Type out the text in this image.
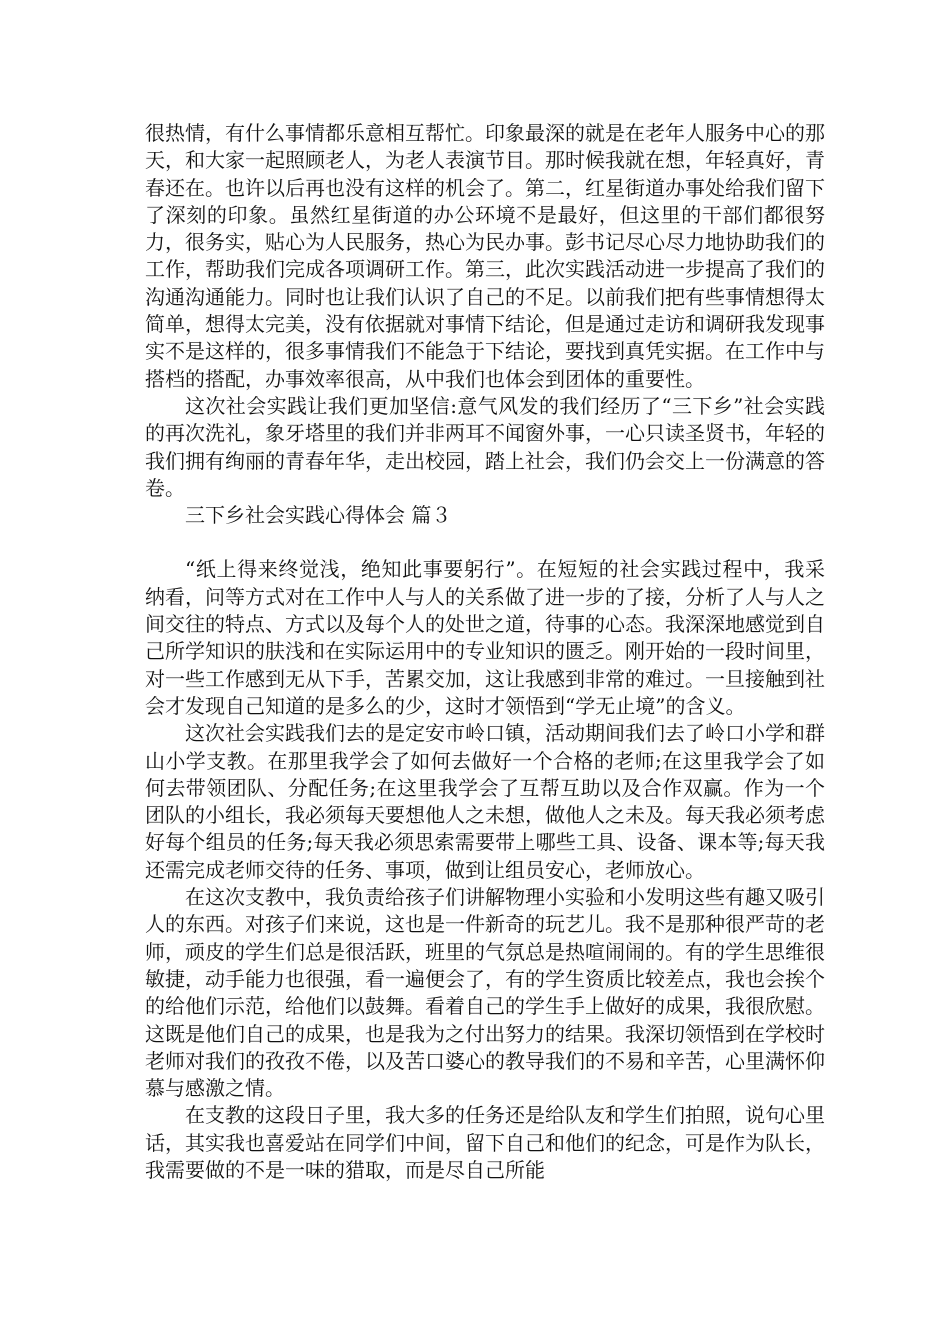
很热情，有什么事情都乐意相互帮忙。印象最深的就是在老年人服务中心的那天，和大家一起照顾老人，为老人表演节目。那时候我就在想，年轻真好，青春还在。也许以后再也没有这样的机会了。第二，红星街道办事处给我们留下了深刻的印象。虽然红星街道的办公环境不是最好，但这里的干部们都很努力，很务实，贴心为人民服务，热心为民办事。彭书记尽心尽力地协助我们的工作，帮助我们完成各项调研工作。第三，此次实践活动进一步提高了我们的沟通沟通能力。同时也让我们认识了自己的不足。以前我们把有些事情想得太简单，想得太完美，没有依据就对事情下结论，但是通过走访和调研我发现事实不是这样的，很多事情我们不能急于下结论，要找到真凭实据。在工作中与搭档的搭配，办事效率很高，从中我们也体会到团体的重要性。

这次社会实践让我们更加坚信:意气风发的我们经历了“三下乡”社会实践的再次洗礼，象牙塔里的我们并非两耳不闻窗外事，一心只读圣贤书，年轻的我们拥有绚丽的青春年华，走出校园，踏上社会，我们仍会交上一份满意的答卷。

三下乡社会实践心得体会 篇３

“纸上得来终觉浅，绝知此事要躬行”。在短短的社会实践过程中，我采纳看，问等方式对在工作中人与人的关系做了进一步的了接，分析了人与人之间交往的特点、方式以及每个人的处世之道，待事的心态。我深深地感觉到自己所学知识的肤浅和在实际运用中的专业知识的匮乏。刚开始的一段时间里，对一些工作感到无从下手，苦累交加，这让我感到非常的难过。一旦接触到社会才发现自己知道的是多么的少，这时才领悟到“学无止境”的含义。

这次社会实践我们去的是定安市岭口镇，活动期间我们去了岭口小学和群山小学支教。在那里我学会了如何去做好一个合格的老师;在这里我学会了如何去带领团队、分配任务;在这里我学会了互帮互助以及合作双赢。作为一个团队的小组长，我必须每天要想他人之未想，做他人之未及。每天我必须考虑好每个组员的任务;每天我必须思索需要带上哪些工具、设备、课本等;每天我还需完成老师交待的任务、事项，做到让组员安心，老师放心。

在这次支教中，我负责给孩子们讲解物理小实验和小发明这些有趣又吸引人的东西。对孩子们来说，这也是一件新奇的玩艺儿。我不是那种很严苛的老师，顽皮的学生们总是很活跃，班里的气氛总是热喧闹闹的。有的学生思维很敏捷，动手能力也很强，看一遍便会了，有的学生资质比较差点，我也会挨个的给他们示范，给他们以鼓舞。看着自己的学生手上做好的成果，我很欣慰。这既是他们自己的成果，也是我为之付出努力的结果。我深切领悟到在学校时老师对我们的孜孜不倦，以及苦口婆心的教导我们的不易和辛苦，心里满怀仰慕与感激之情。

在支教的这段日子里，我大多的任务还是给队友和学生们拍照，说句心里话，其实我也喜爱站在同学们中间，留下自己和他们的纪念，可是作为队长，我需要做的不是一味的猎取，而是尽自己所能
